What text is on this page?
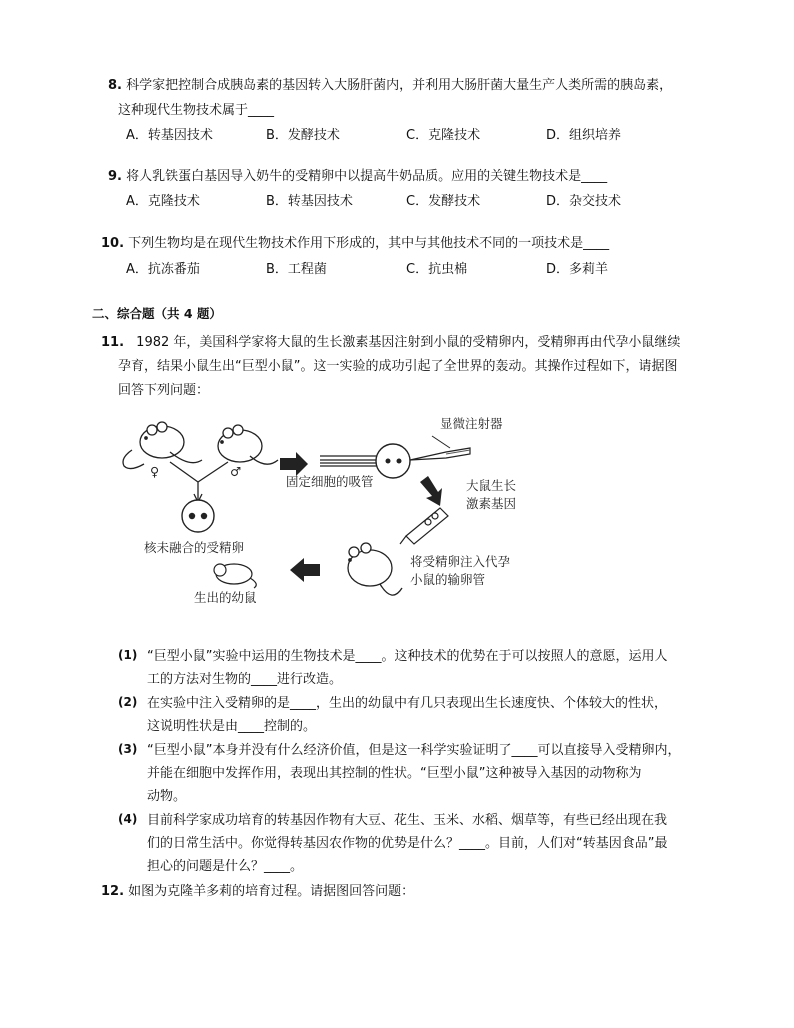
8. 科学家把控制合成胰岛素的基因转入大肠肝菌内，并利用大肠肝菌大量生产人类所需的胰岛素，
这种现代生物技术属于____
A．转基因技术	B．发酵技术	C．克隆技术	D．组织培养
9. 将人乳铁蛋白基因导入奶牛的受精卵中以提高牛奶品质。应用的关键生物技术是____
A．克隆技术	B．转基因技术	C．发酵技术	D．杂交技术
10. 下列生物均是在现代生物技术作用下形成的，其中与其他技术不同的一项技术是____
A．抗冻番茄	B．工程菌	C．抗虫棉	D．多莉羊
二、综合题（共 4 题）
11. 1982 年，美国科学家将大鼠的生长激素基因注射到小鼠的受精卵内，受精卵再由代孕小鼠继续
孕育，结果小鼠生出“巨型小鼠”。这一实验的成功引起了全世界的轰动。其操作过程如下，请据图
回答下列问题：
♀	♂
显微注射器
固定细胞的吸管	大鼠生长
激素基因
核未融合的受精卵
将受精卵注入代孕
小鼠的输卵管
生出的幼鼠
(1) “巨型小鼠”实验中运用的生物技术是____。这种技术的优势在于可以按照人的意愿，运用人
工的方法对生物的____进行改造。
(2) 在实验中注入受精卵的是____，生出的幼鼠中有几只表现出生长速度快、个体较大的性状，
这说明性状是由____控制的。
(3) “巨型小鼠”本身并没有什么经济价值，但是这一科学实验证明了____可以直接导入受精卵内，
并能在细胞中发挥作用，表现出其控制的性状。“巨型小鼠”这种被导入基因的动物称为
动物。
(4) 目前科学家成功培育的转基因作物有大豆、花生、玉米、水稻、烟草等，有些已经出现在我
们的日常生活中。你觉得转基因农作物的优势是什么？____。目前，人们对“转基因食品”最
担心的问题是什么？____。
12. 如图为克隆羊多莉的培育过程。请据图回答问题：
